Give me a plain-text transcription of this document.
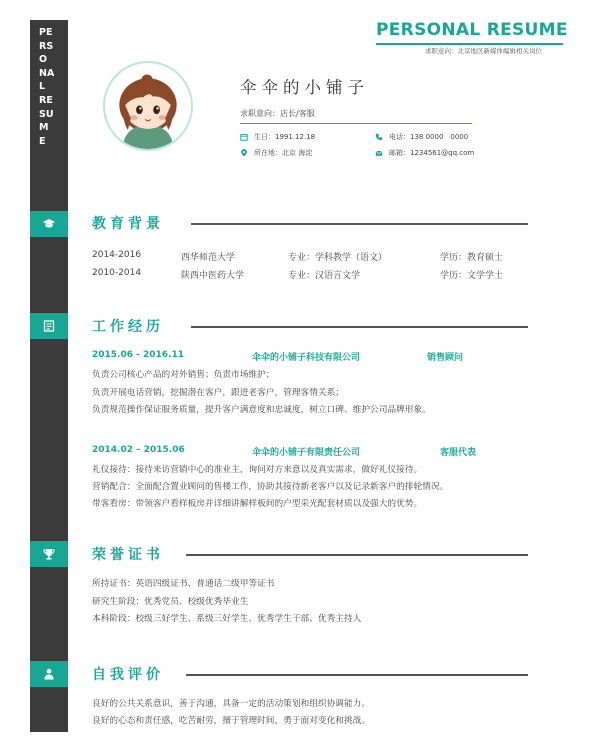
PE
RS
O
NA
L
RE
SU
M
E
PERSONAL RESUME
求职意向：北京地区新媒体编辑相关岗位
伞伞的小铺子
求职意向：店长/客服
生日：1991.12.18	电话：138 0000　0000
所在地：北京 海淀	邮箱：1234561@qq.com
教育背景
2014-2016	西华师范大学	专业：学科教学（语文）	学历：教育硕士
2010-2014	陕西中医药大学	专业：汉语言文学	学历：文学学士
工作经历
2015.06 - 2016.11	伞伞的小铺子科技有限公司	销售顾问
负责公司核心产品的对外销售；负责市场维护；
负责开展电话营销，挖掘潜在客户，跟进老客户，管理客情关系；
负责规范操作保证服务质量，提升客户满意度和忠诚度，树立口碑、维护公司品牌形象。
2014.02 – 2015.06	伞伞的小铺子有限责任公司	客服代表
礼仪接待：接待来访营销中心的准业主，询问对方来意以及真实需求，做好礼仪接待。
营销配合：全面配合置业顾问的售楼工作，协助其接待新老客户以及记录新客户的排轮情况。
带客看房：带领客户看样板房并详细讲解样板间的户型采光配套材质以及强大的优势。
荣誉证书
所持证书：英语四级证书、普通话二级甲等证书
研究生阶段：优秀党员、校级优秀毕业生
本科阶段：校级三好学生、系级三好学生、优秀学生干部、优秀主持人
自我评价
良好的公共关系意识，善于沟通，具备一定的活动策划和组织协调能力。
良好的心态和责任感，吃苦耐劳，擅于管理时间，勇于面对变化和挑战。
